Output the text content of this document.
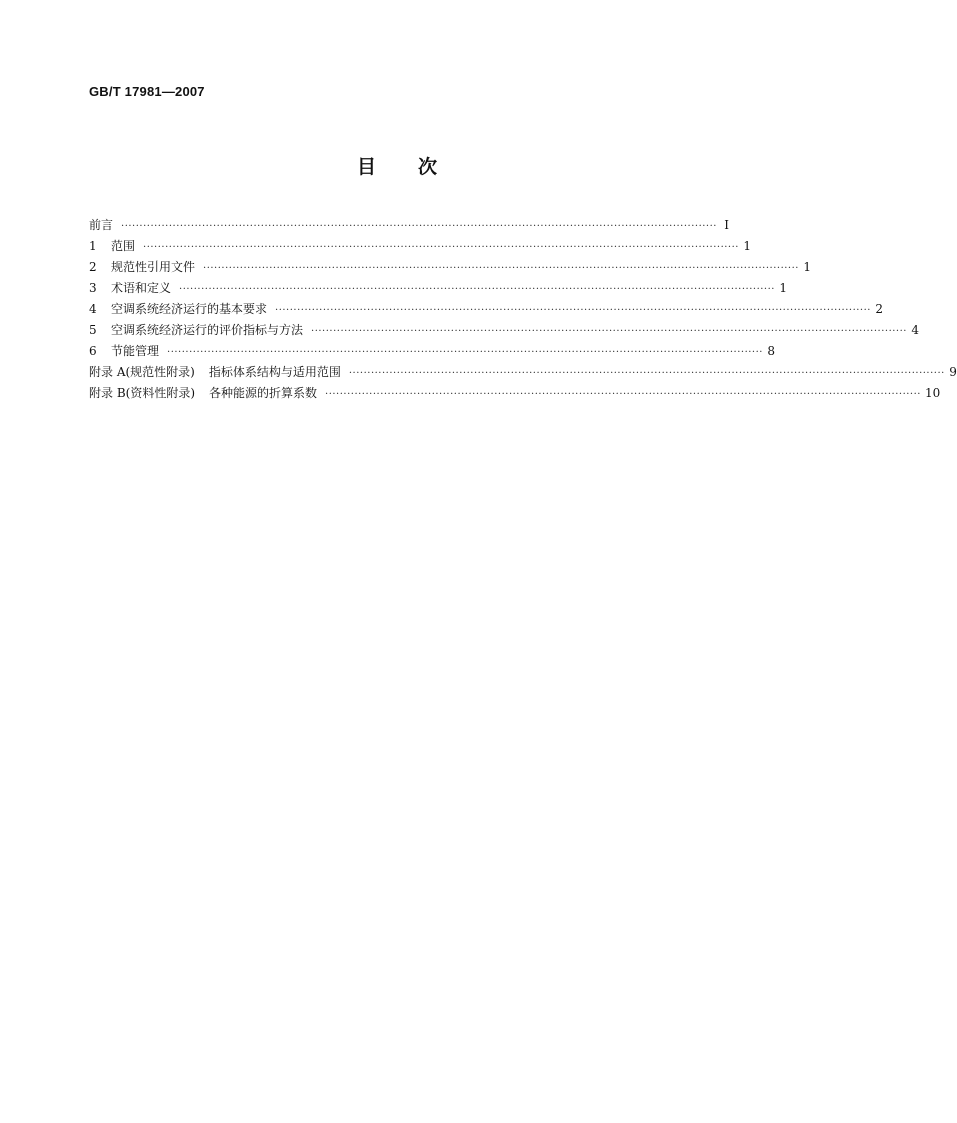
GB/T 17981—2007
目 次
前言 ·································································································································································· Ⅰ
1 范围 ·································································································································································· 1
2 规范性引用文件 ·································································································································································· 1
3 术语和定义 ·································································································································································· 1
4 空调系统经济运行的基本要求 ·································································································································································· 2
5 空调系统经济运行的评价指标与方法 ·································································································································································· 4
6 节能管理 ·································································································································································· 8
附录 A(规范性附录) 指标体系结构与适用范围 ·································································································································································· 9
附录 B(资料性附录) 各种能源的折算系数 ·································································································································································· 10
